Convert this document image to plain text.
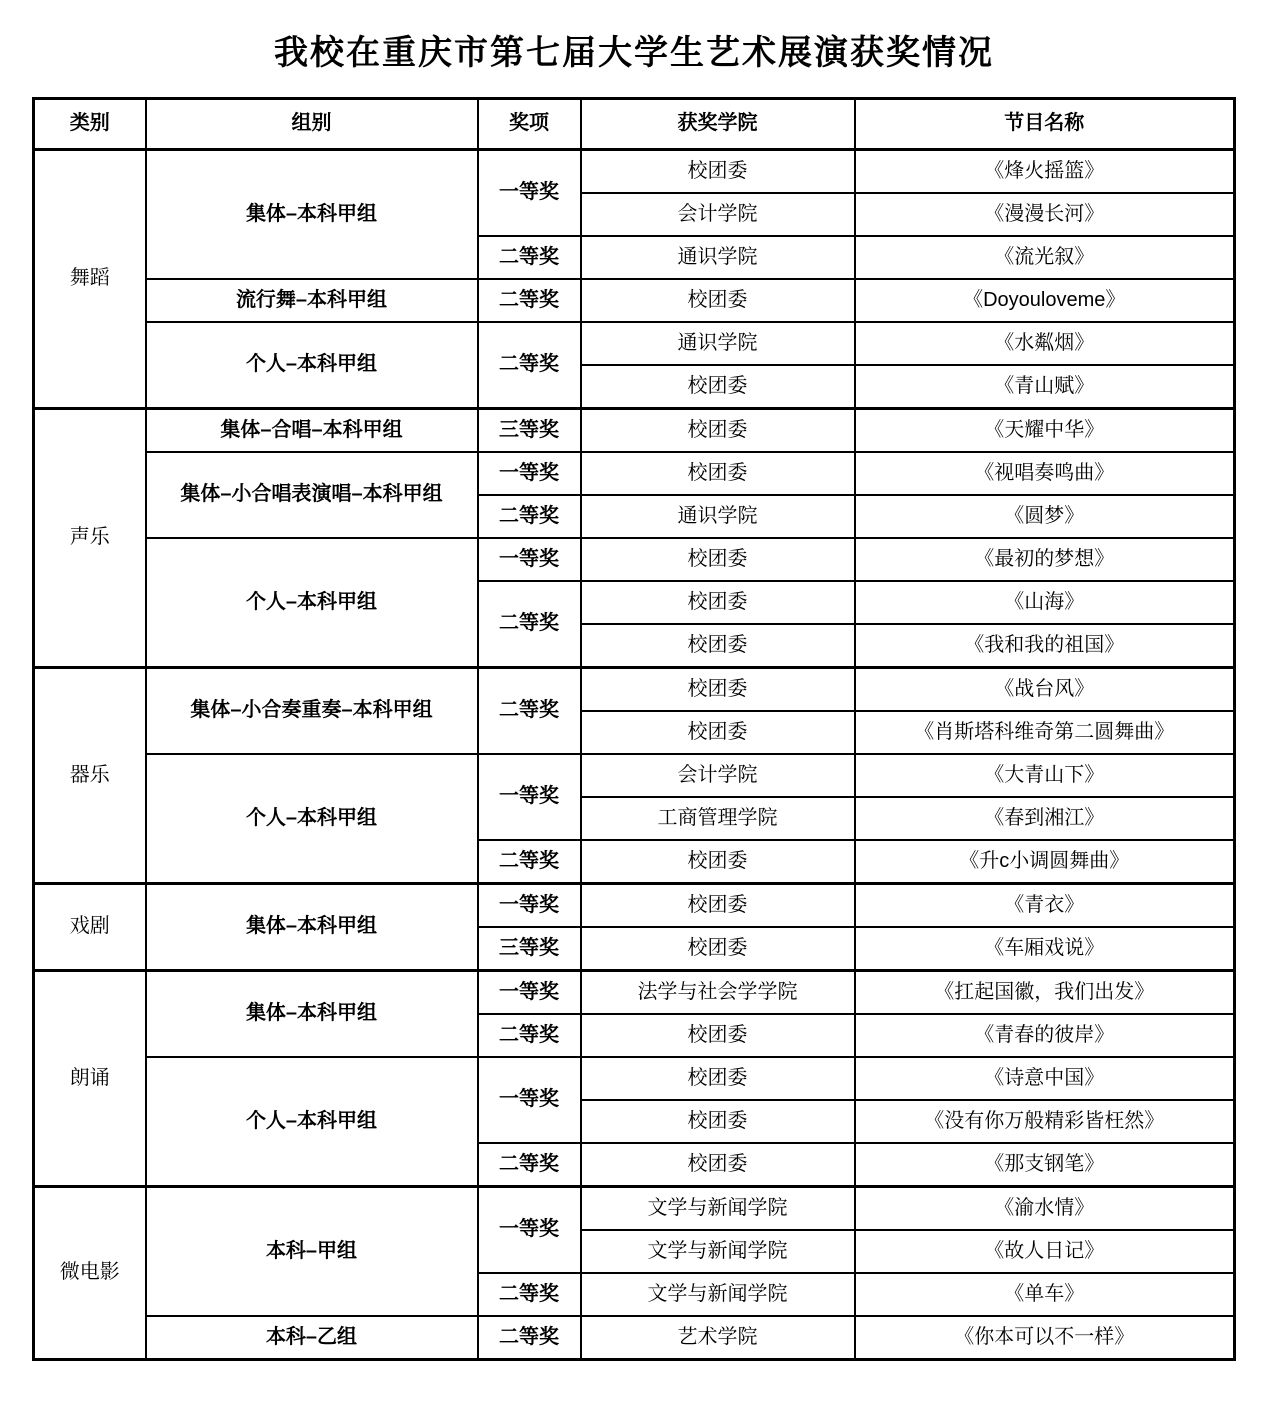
我校在重庆市第七届大学生艺术展演获奖情况
类别	组别	奖项	获奖学院	节目名称
舞蹈	集体–本科甲组	一等奖	校团委	《烽火摇篮》
			会计学院	《漫漫长河》
		二等奖	通识学院	《流光叙》
	流行舞–本科甲组	二等奖	校团委	《Doyouloveme》
	个人–本科甲组	二等奖	通识学院	《水粼烟》
			校团委	《青山赋》
声乐	集体–合唱–本科甲组	三等奖	校团委	《天耀中华》
	集体–小合唱表演唱–本科甲组	一等奖	校团委	《视唱奏鸣曲》
		二等奖	通识学院	《圆梦》
	个人–本科甲组	一等奖	校团委	《最初的梦想》
		二等奖	校团委	《山海》
			校团委	《我和我的祖国》
器乐	集体–小合奏重奏–本科甲组	二等奖	校团委	《战台风》
			校团委	《肖斯塔科维奇第二圆舞曲》
	个人–本科甲组	一等奖	会计学院	《大青山下》
			工商管理学院	《春到湘江》
		二等奖	校团委	《升c小调圆舞曲》
戏剧	集体–本科甲组	一等奖	校团委	《青衣》
		三等奖	校团委	《车厢戏说》
朗诵	集体–本科甲组	一等奖	法学与社会学学院	《扛起国徽，我们出发》
		二等奖	校团委	《青春的彼岸》
	个人–本科甲组	一等奖	校团委	《诗意中国》
			校团委	《没有你万般精彩皆枉然》
		二等奖	校团委	《那支钢笔》
微电影	本科–甲组	一等奖	文学与新闻学院	《渝水情》
			文学与新闻学院	《故人日记》
		二等奖	文学与新闻学院	《单车》
	本科–乙组	二等奖	艺术学院	《你本可以不一样》
